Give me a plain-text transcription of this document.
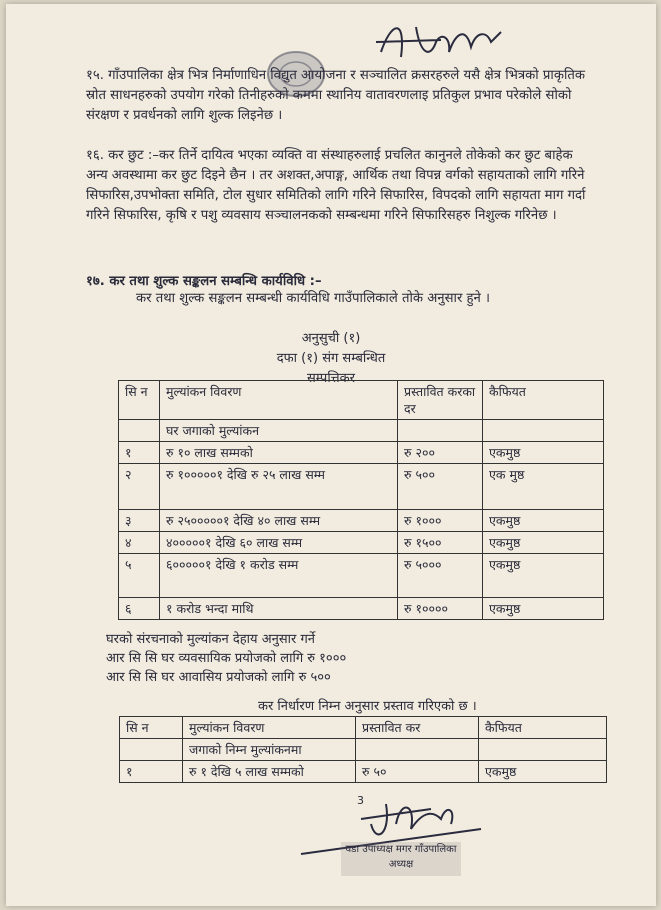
१५. गाँउपालिका क्षेत्र भित्र निर्माणाधिन विद्युत आयोजना र सञ्चालित क्रसरहरुले यसै क्षेत्र भित्रको प्राकृतिक स्रोत साधनहरुको उपयोग गरेको तिनीहरुको कममा स्थानिय वातावरणलाइ प्रतिकुल प्रभाव परेकोले सोको संरक्षण र प्रवर्धनको लागि शुल्क लिइनेछ ।
१६. कर छुट :–कर तिर्ने दायित्व भएका व्यक्ति वा संस्थाहरुलाई प्रचलित कानुनले तोकेको कर छुट बाहेक अन्य अवस्थामा कर छुट दिइने छैन । तर अशक्त,अपाङ्ग, आर्थिक तथा विपन्न वर्गको सहायताको लागि गरिने सिफारिस,उपभोक्ता समिति, टोल सुधार समितिको लागि गरिने सिफारिस, विपदको लागि सहायता माग गर्दा गरिने सिफारिस, कृषि र पशु व्यवसाय सञ्चालनकको सम्बन्धमा गरिने सिफारिसहरु निशुल्क गरिनेछ ।
१७. कर तथा शुल्क सङ्कलन सम्बन्धि कार्यविधि :–
कर तथा शुल्क सङ्कलन सम्बन्धी कार्यविधि गाउँपालिकाले तोके अनुसार हुने ।
अनुसुची (१)
दफा (१) संग सम्बन्धित
सम्पत्तिकर
सि न	मुल्यांकन विवरण	प्रस्तावित करका दर	कैफियत
	घर जगाको मुल्यांकन		
१	रु १० लाख सम्मको	रु २००	एकमुष्ठ
२	रु १०००००१ देखि रु २५ लाख सम्म	रु ५००	एक मुष्ठ
३	रु २५०००००१ देखि ४० लाख सम्म	रु १०००	एकमुष्ठ
४	४०००००१ देखि ६० लाख सम्म	रु १५००	एकमुष्ठ
५	६०००००१ देखि १ करोड सम्म	रु ५०००	एकमुष्ठ
६	१ करोड भन्दा माथि	रु १००००	एकमुष्ठ
घरको संरचनाको मुल्यांकन देहाय अनुसार गर्ने
आर सि सि घर व्यवसायिक प्रयोजको लागि रु १०००
आर सि सि घर आवासिय प्रयोजको लागि रु ५००
कर निर्धारण निम्न अनुसार प्रस्ताव गरिएको छ ।
सि न	मुल्यांकन विवरण	प्रस्तावित कर	कैफियत
	जगाको निम्न मुल्यांकनमा		
१	रु १ देखि ५ लाख सम्मको	रु ५०	एकमुष्ठ
3
वडा उपाध्यक्ष मगर गाँउपालिका अध्यक्ष
